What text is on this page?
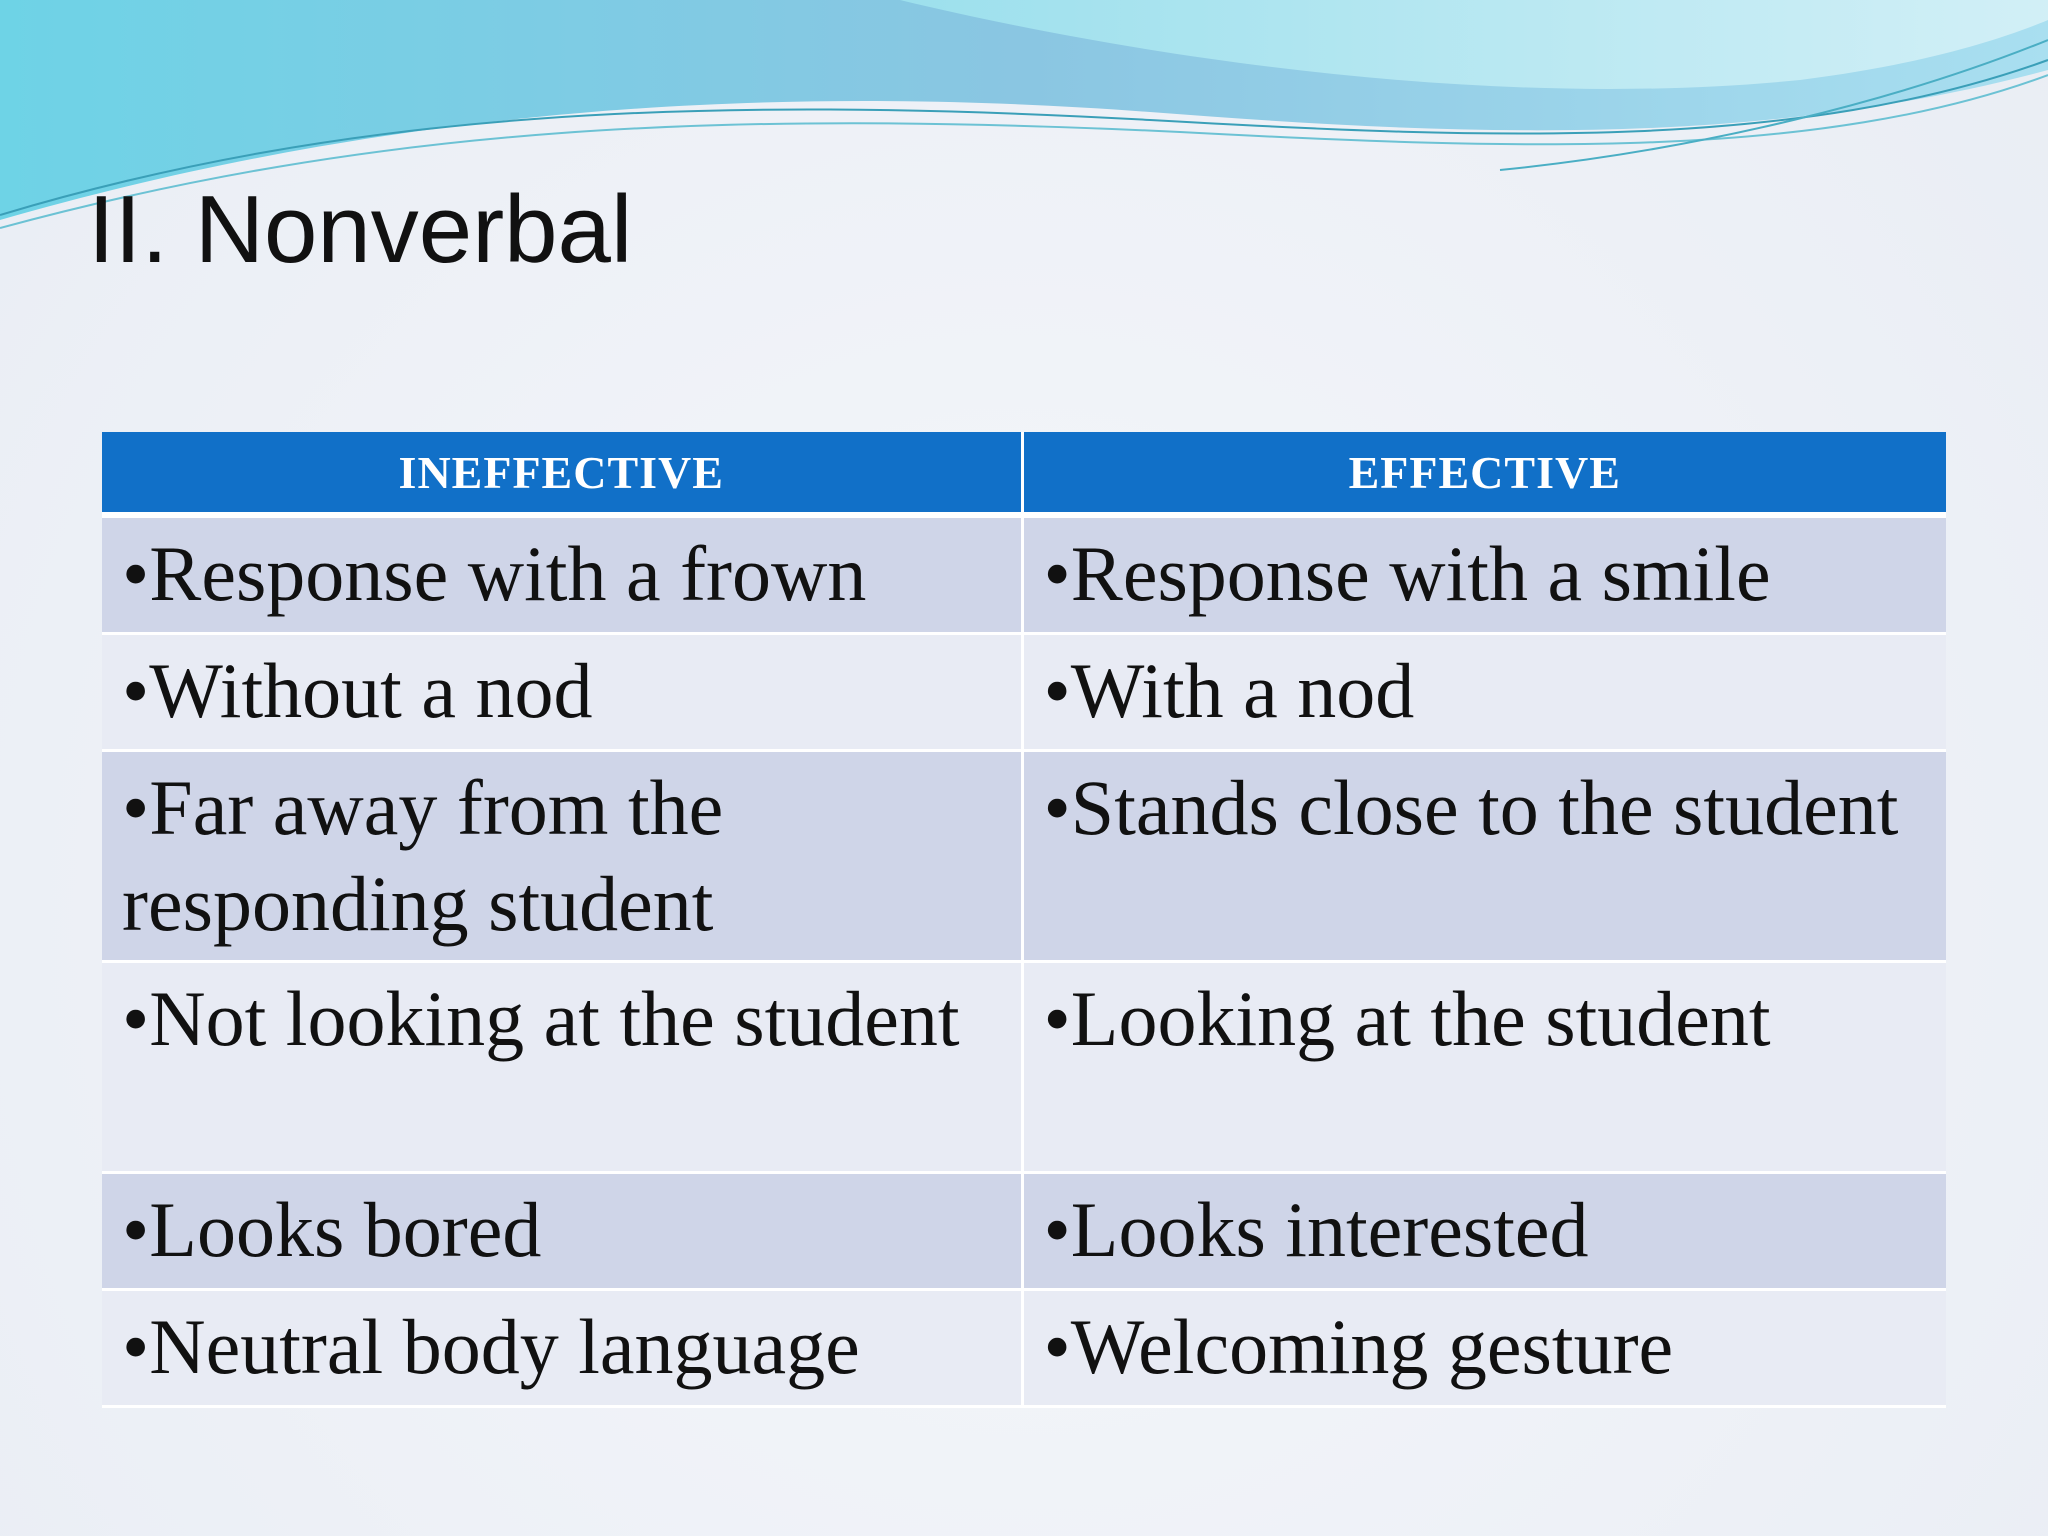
II. Nonverbal
INEFFECTIVE	EFFECTIVE
•Response with a frown	•Response with a smile
•Without a nod	•With a nod
•Far away from the responding student	•Stands close to the student
•Not looking at the student	•Looking at the student
•Looks bored	•Looks interested
•Neutral body language	•Welcoming gesture
